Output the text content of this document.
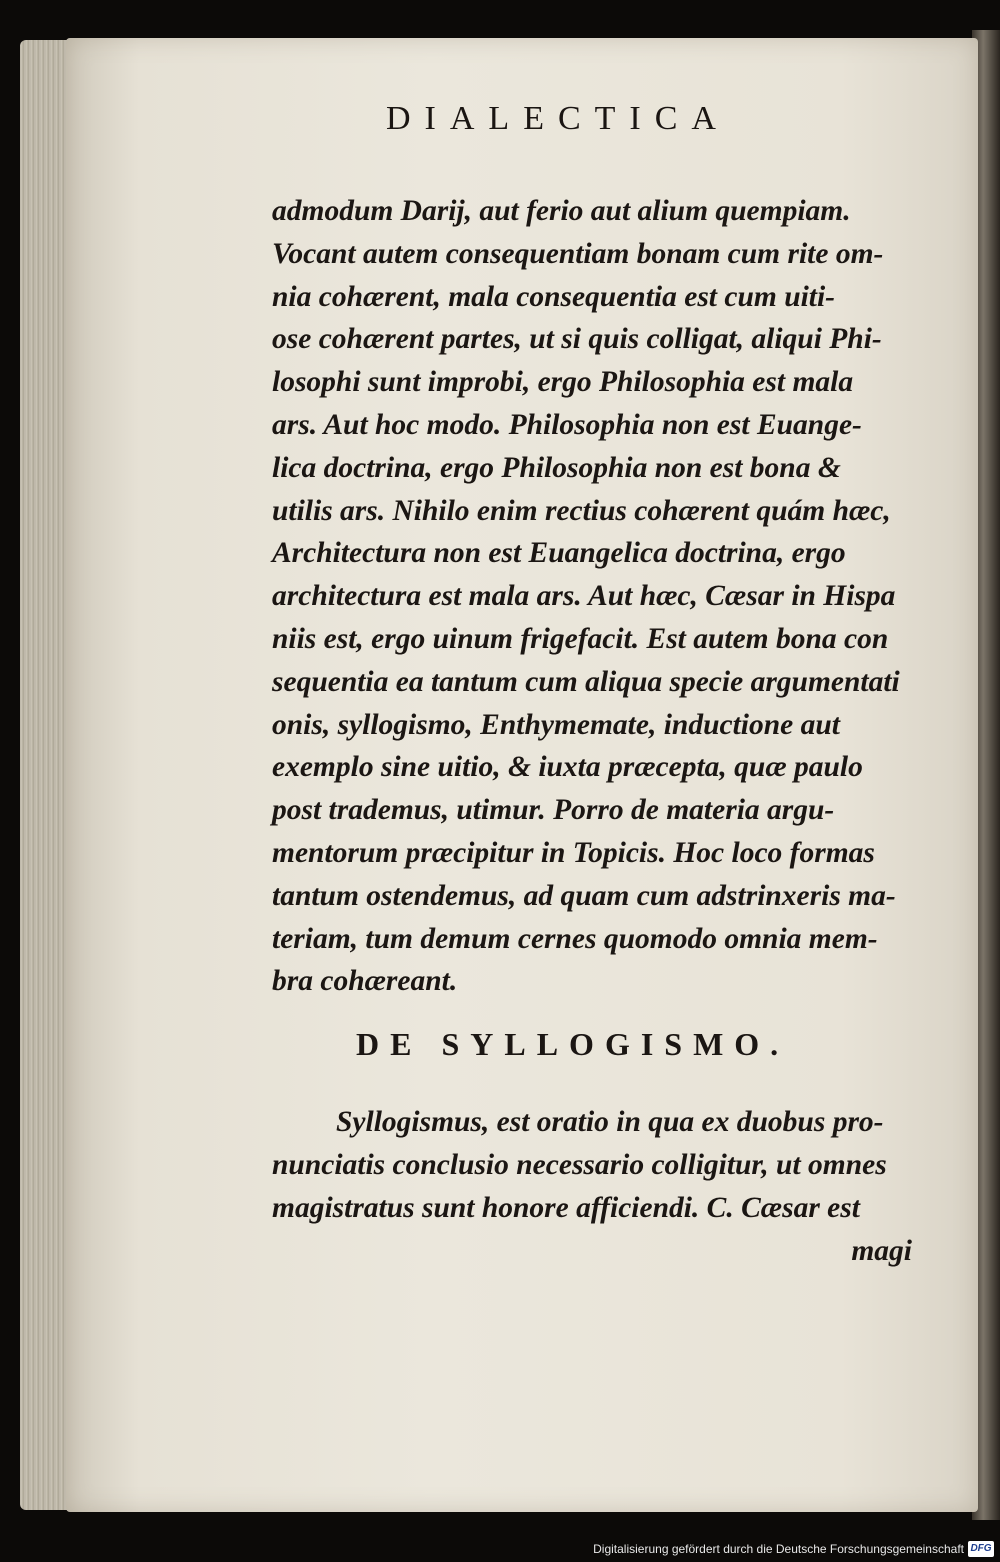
DIALECTICA
admodum Darij, aut ferio aut alium quempiam.
Vocant autem consequentiam bonam cum rite om-
nia cohærent, mala consequentia est cum uiti-
ose cohærent partes, ut si quis colligat, aliqui Phi-
losophi sunt improbi, ergo Philosophia est mala
ars. Aut hoc modo. Philosophia non est Euange-
lica doctrina, ergo Philosophia non est bona &
utilis ars. Nihilo enim rectius cohærent quám hæc,
Architectura non est Euangelica doctrina, ergo
architectura est mala ars. Aut hæc, Cæsar in Hispa
niis est, ergo uinum frigefacit. Est autem bona con
sequentia ea tantum cum aliqua specie argumentati
onis, syllogismo, Enthymemate, inductione aut
exemplo sine uitio, & iuxta præcepta, quæ paulo
post trademus, utimur. Porro de materia argu-
mentorum præcipitur in Topicis. Hoc loco formas
tantum ostendemus, ad quam cum adstrinxeris ma-
teriam, tum demum cernes quomodo omnia mem-
bra cohæreant.
DE SYLLOGISMO.
Syllogismus, est oratio in qua ex duobus pro-
nunciatis conclusio necessario colligitur, ut omnes
magistratus sunt honore afficiendi. C. Cæsar est
magi
Digitalisierung gefördert durch die Deutsche Forschungsgemeinschaft DFG
